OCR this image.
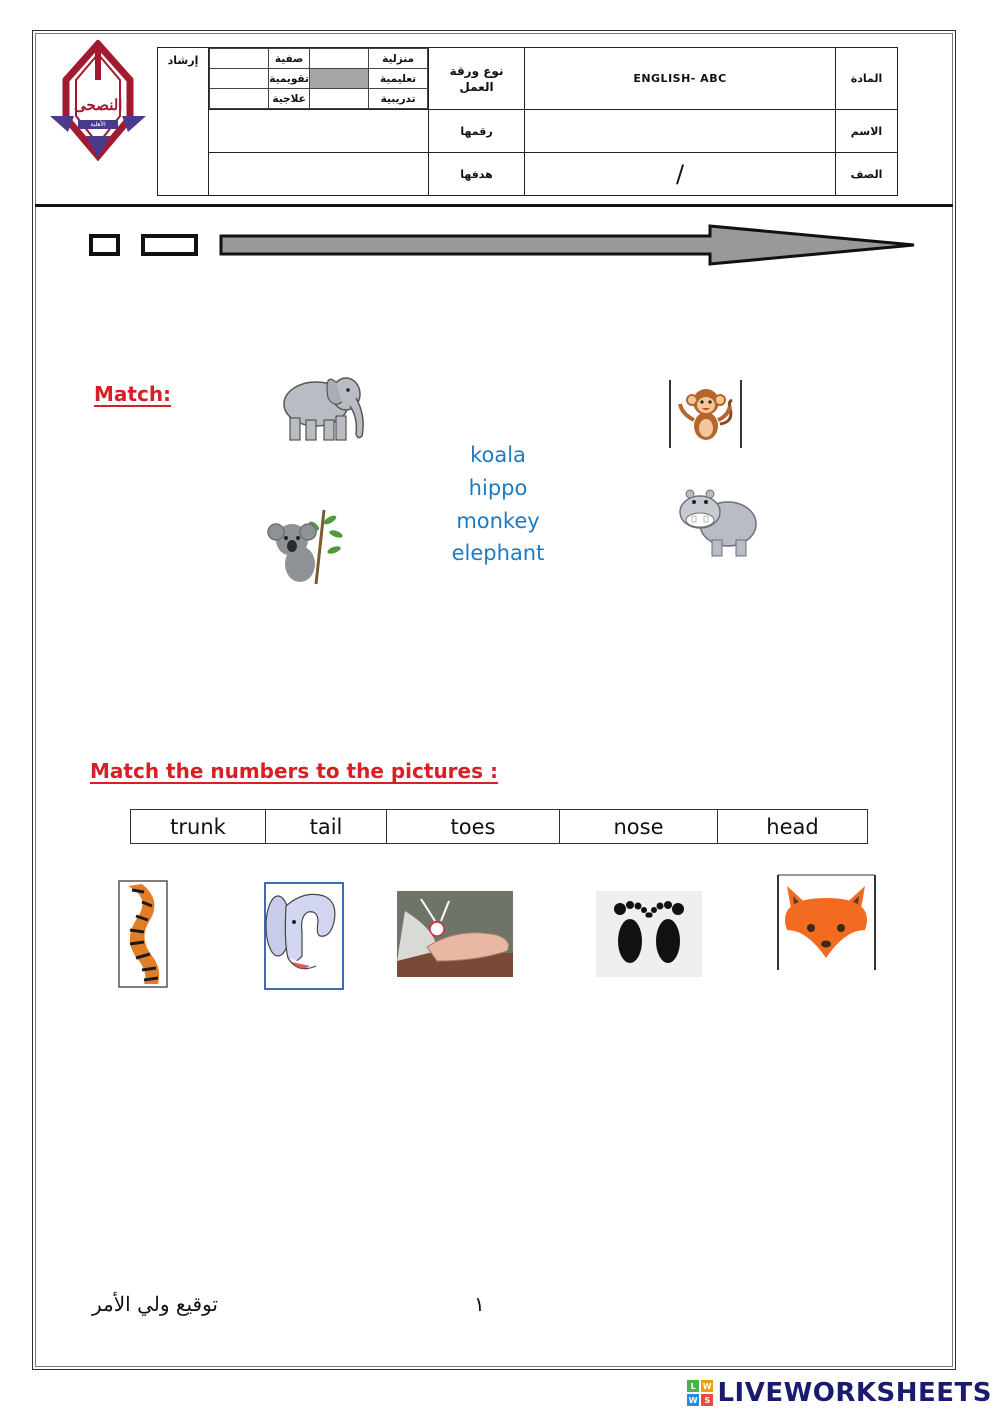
النصحى
الأهلية
إرشاد	
		صفية		منزلية
	تقويمية		تعليمية
	علاجية		تدريبية
	نوع ورقة العمل	ENGLISH- ABC	المادة
	رقمها		الاسم
	هدفها	/	الصف
Match:
koala
hippo
monkey
elephant
Match the numbers to the pictures :
trunk	tail	toes	nose	head
توقيع ولي الأمر	١
L W
W S LIVEWORKSHEETS
